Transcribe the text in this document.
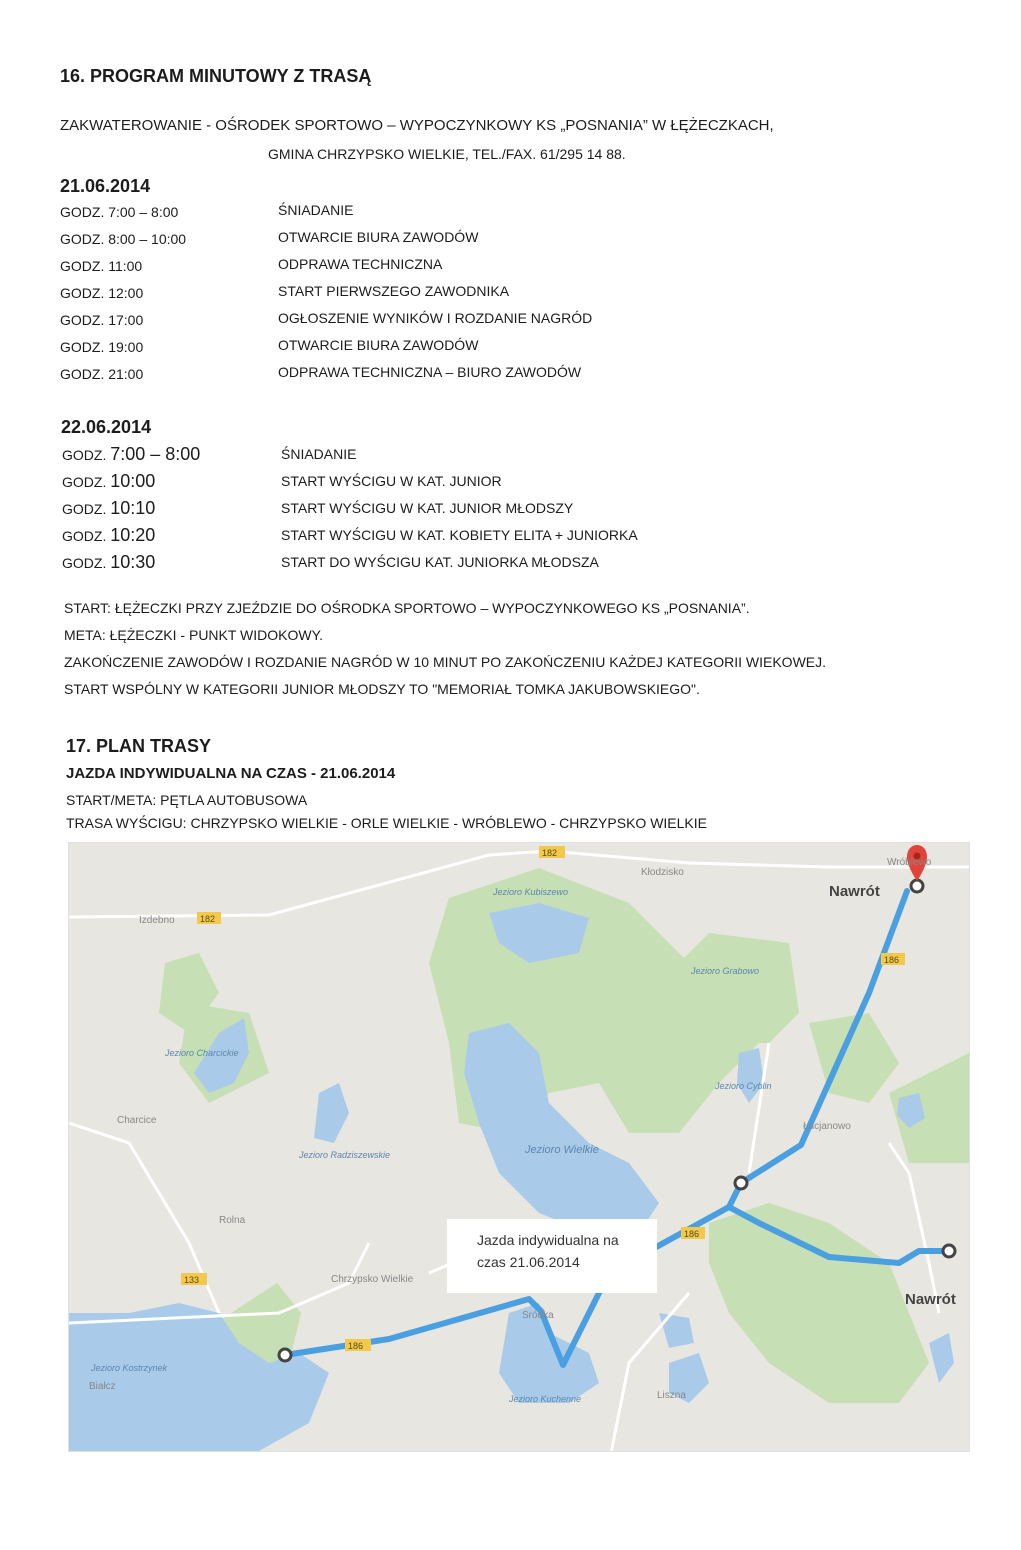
16. PROGRAM MINUTOWY Z TRASĄ
ZAKWATEROWANIE - OŚRODEK SPORTOWO – WYPOCZYNKOWY KS „POSNANIA” W ŁĘŻECZKACH,
GMINA CHRZYPSKO WIELKIE, TEL./FAX. 61/295 14 88.
21.06.2014
GODZ. 7:00 – 8:00	ŚNIADANIE
GODZ. 8:00 – 10:00	OTWARCIE BIURA ZAWODÓW
GODZ. 11:00	ODPRAWA TECHNICZNA
GODZ. 12:00	START PIERWSZEGO ZAWODNIKA
GODZ. 17:00	OGŁOSZENIE WYNIKÓW I ROZDANIE NAGRÓD
GODZ. 19:00	OTWARCIE BIURA ZAWODÓW
GODZ. 21:00	ODPRAWA TECHNICZNA – BIURO ZAWODÓW
22.06.2014
GODZ. 7:00 – 8:00	ŚNIADANIE
GODZ. 10:00	START WYŚCIGU W KAT. JUNIOR
GODZ. 10:10	START WYŚCIGU W KAT. JUNIOR MŁODSZY
GODZ. 10:20	START WYŚCIGU W KAT. KOBIETY ELITA + JUNIORKA
GODZ. 10:30	START DO WYŚCIGU KAT. JUNIORKA MŁODSZA
START: ŁĘŻECZKI PRZY ZJEŹDZIE DO OŚRODKA SPORTOWO – WYPOCZYNKOWEGO KS „POSNANIA”.
META: ŁĘŻECZKI - PUNKT WIDOKOWY.
ZAKOŃCZENIE ZAWODÓW I ROZDANIE NAGRÓD W 10 MINUT PO ZAKOŃCZENIU KAŻDEJ KATEGORII WIEKOWEJ.
START WSPÓLNY W KATEGORII JUNIOR MŁODSZY TO "MEMORIAŁ TOMKA JAKUBOWSKIEGO".
17. PLAN TRASY
JAZDA INDYWIDUALNA NA CZAS - 21.06.2014
START/META: PĘTLA AUTOBUSOWA
TRASA WYŚCIGU: CHRZYPSKO WIELKIE - ORLE WIELKIE - WRÓBLEWO - CHRZYPSKO WIELKIE
182
182
186
186
186
133
Izdebno
Charcice
Chrzypsko Wielkie
Sródka
Białcz
Kłodzisko
Wróblewo
Liszna
Łucjanowo
Rolna
Jezioro Kubiszewo
Jezioro Charcickie
Jezioro Radziszewskie	Jezioro Wielkie
Jezioro Grabowo
Jezioro Cyblin
Jezioro Kostrzynek
Jezioro Kuchenne
Jazda indywidualna na
czas 21.06.2014
Nawrót
Nawrót
